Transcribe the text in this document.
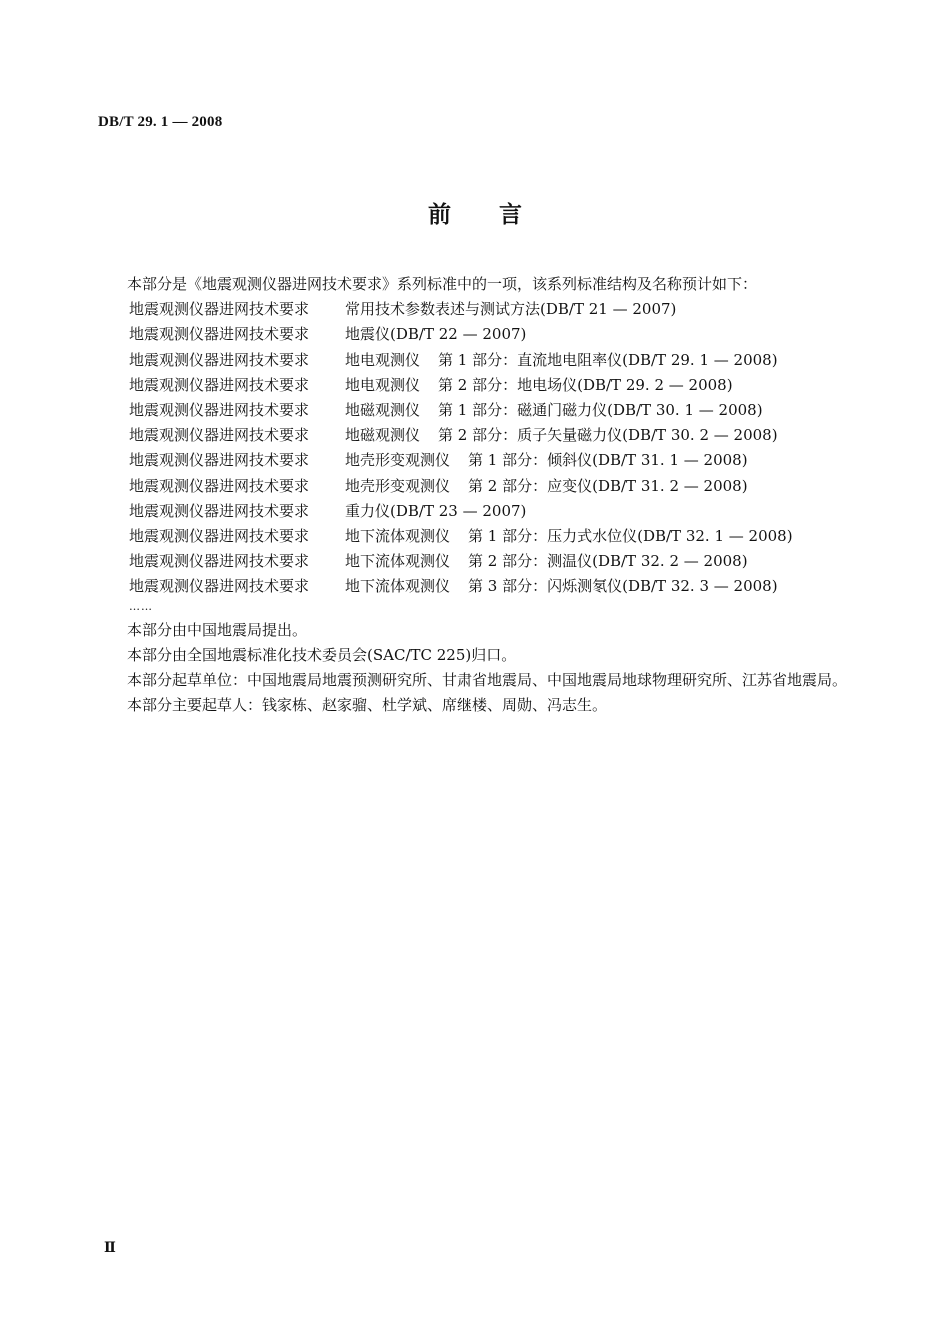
DB/T 29. 1 — 2008
前言

本部分是《地震观测仪器进网技术要求》系列标准中的一项，该系列标准结构及名称预计如下：

地震观测仪器进网技术要求 常用技术参数表述与测试方法(DB/T 21 — 2007)
地震观测仪器进网技术要求 地震仪(DB/T 22 — 2007)
地震观测仪器进网技术要求 地电观测仪 第 1 部分：直流地电阻率仪(DB/T 29. 1 — 2008)
地震观测仪器进网技术要求 地电观测仪 第 2 部分：地电场仪(DB/T 29. 2 — 2008)
地震观测仪器进网技术要求 地磁观测仪 第 1 部分：磁通门磁力仪(DB/T 30. 1 — 2008)
地震观测仪器进网技术要求 地磁观测仪 第 2 部分：质子矢量磁力仪(DB/T 30. 2 — 2008)
地震观测仪器进网技术要求 地壳形变观测仪 第 1 部分：倾斜仪(DB/T 31. 1 — 2008)
地震观测仪器进网技术要求 地壳形变观测仪 第 2 部分：应变仪(DB/T 31. 2 — 2008)
地震观测仪器进网技术要求 重力仪(DB/T 23 — 2007)
地震观测仪器进网技术要求 地下流体观测仪 第 1 部分：压力式水位仪(DB/T 32. 1 — 2008)
地震观测仪器进网技术要求 地下流体观测仪 第 2 部分：测温仪(DB/T 32. 2 — 2008)
地震观测仪器进网技术要求 地下流体观测仪 第 3 部分：闪烁测氡仪(DB/T 32. 3 — 2008)
……

本部分由中国地震局提出。

本部分由全国地震标准化技术委员会(SAC/TC 225)归口。

本部分起草单位：中国地震局地震预测研究所、甘肃省地震局、中国地震局地球物理研究所、江苏省地震局。

本部分主要起草人：钱家栋、赵家骝、杜学斌、席继楼、周勋、冯志生。

Ⅱ
